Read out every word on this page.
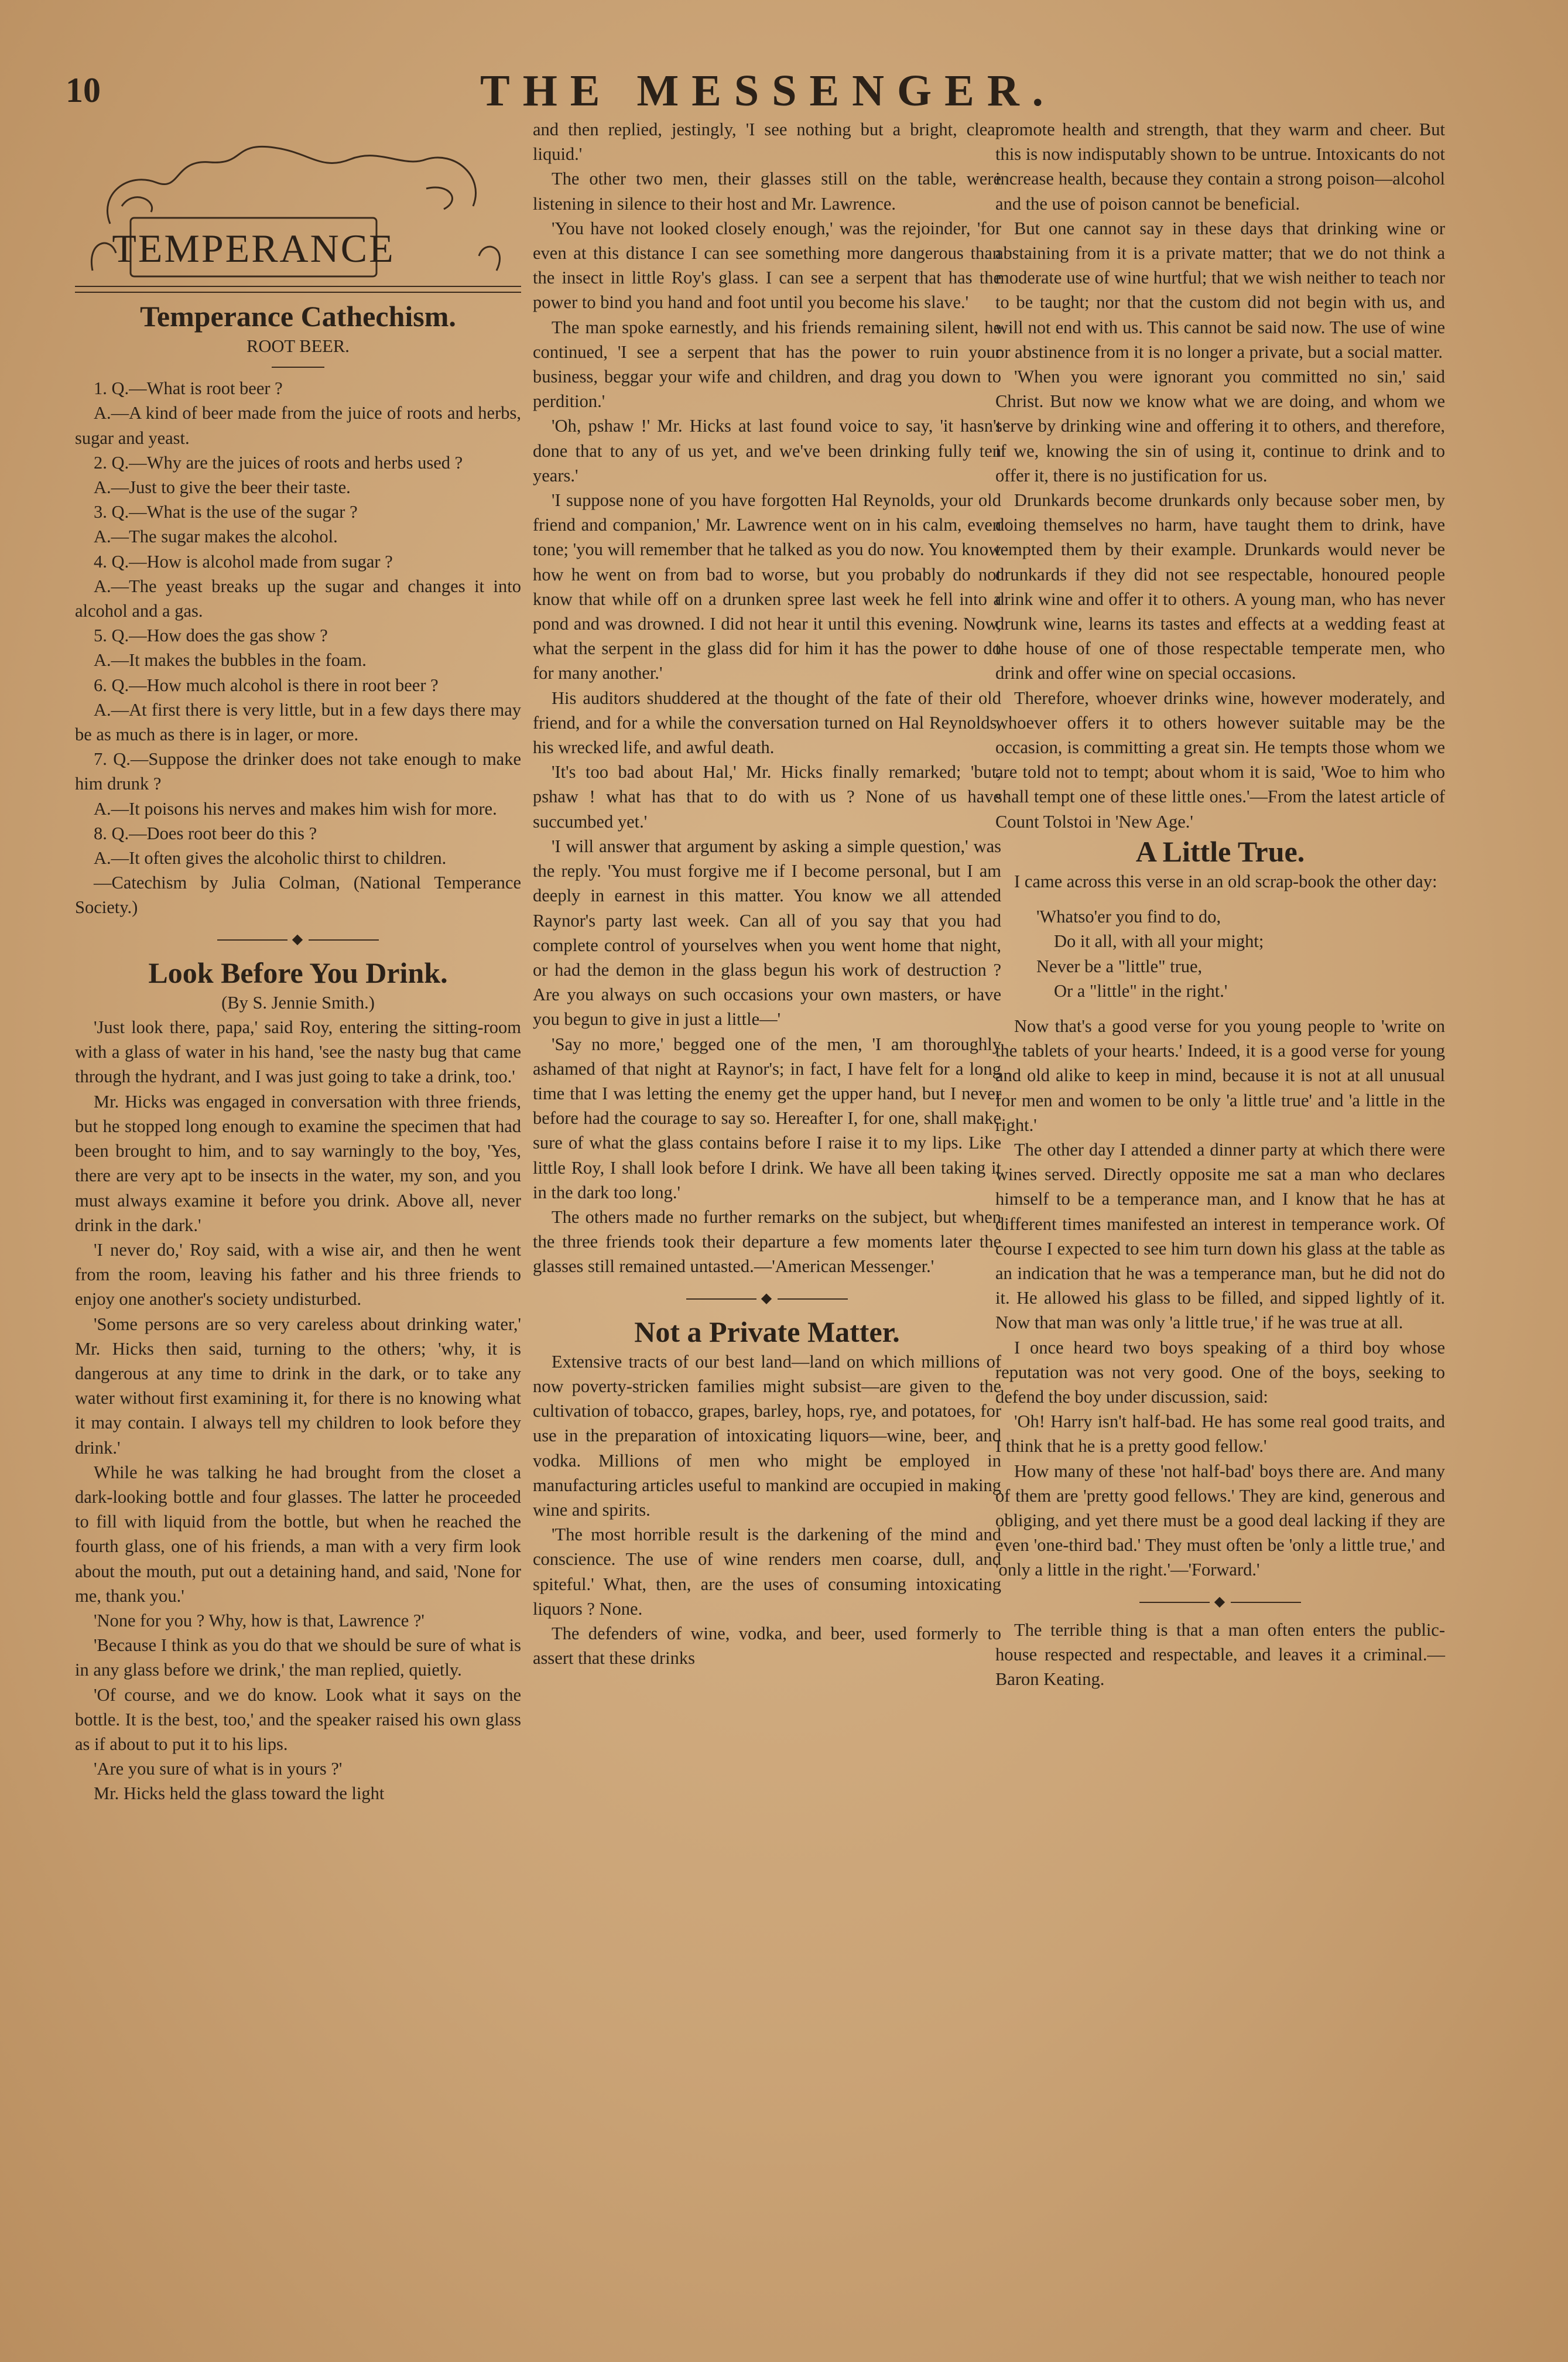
10	THE MESSENGER.
TEMPERANCE

Temperance Cathechism.

ROOT BEER.

1. Q.—What is root beer ?

A.—A kind of beer made from the juice of roots and herbs, sugar and yeast.

2. Q.—Why are the juices of roots and herbs used ?

A.—Just to give the beer their taste.

3. Q.—What is the use of the sugar ?

A.—The sugar makes the alcohol.

4. Q.—How is alcohol made from sugar ?

A.—The yeast breaks up the sugar and changes it into alcohol and a gas.

5. Q.—How does the gas show ?

A.—It makes the bubbles in the foam.

6. Q.—How much alcohol is there in root beer ?

A.—At first there is very little, but in a few days there may be as much as there is in lager, or more.

7. Q.—Suppose the drinker does not take enough to make him drunk ?

A.—It poisons his nerves and makes him wish for more.

8. Q.—Does root beer do this ?

A.—It often gives the alcoholic thirst to children.

—Catechism by Julia Colman, (National Temperance Society.)

◆

Look Before You Drink.

(By S. Jennie Smith.)

'Just look there, papa,' said Roy, entering the sitting-room with a glass of water in his hand, 'see the nasty bug that came through the hydrant, and I was just going to take a drink, too.'

Mr. Hicks was engaged in conversation with three friends, but he stopped long enough to examine the specimen that had been brought to him, and to say warningly to the boy, 'Yes, there are very apt to be insects in the water, my son, and you must always examine it before you drink. Above all, never drink in the dark.'

'I never do,' Roy said, with a wise air, and then he went from the room, leaving his father and his three friends to enjoy one another's society undisturbed.

'Some persons are so very careless about drinking water,' Mr. Hicks then said, turning to the others; 'why, it is dangerous at any time to drink in the dark, or to take any water without first examining it, for there is no knowing what it may contain. I always tell my children to look before they drink.'

While he was talking he had brought from the closet a dark-looking bottle and four glasses. The latter he proceeded to fill with liquid from the bottle, but when he reached the fourth glass, one of his friends, a man with a very firm look about the mouth, put out a detaining hand, and said, 'None for me, thank you.'

'None for you ? Why, how is that, Lawrence ?'

'Because I think as you do that we should be sure of what is in any glass before we drink,' the man replied, quietly.

'Of course, and we do know. Look what it says on the bottle. It is the best, too,' and the speaker raised his own glass as if about to put it to his lips.

'Are you sure of what is in yours ?'

Mr. Hicks held the glass toward the light

and then replied, jestingly, 'I see nothing but a bright, clear liquid.'

The other two men, their glasses still on the table, were listening in silence to their host and Mr. Lawrence.

'You have not looked closely enough,' was the rejoinder, 'for even at this distance I can see something more dangerous than the insect in little Roy's glass. I can see a serpent that has the power to bind you hand and foot until you become his slave.'

The man spoke earnestly, and his friends remaining silent, he continued, 'I see a serpent that has the power to ruin your business, beggar your wife and children, and drag you down to perdition.'

'Oh, pshaw !' Mr. Hicks at last found voice to say, 'it hasn't done that to any of us yet, and we've been drinking fully ten years.'

'I suppose none of you have forgotten Hal Reynolds, your old friend and companion,' Mr. Lawrence went on in his calm, even tone; 'you will remember that he talked as you do now. You know how he went on from bad to worse, but you probably do not know that while off on a drunken spree last week he fell into a pond and was drowned. I did not hear it until this evening. Now, what the serpent in the glass did for him it has the power to do for many another.'

His auditors shuddered at the thought of the fate of their old friend, and for a while the conversation turned on Hal Reynolds, his wrecked life, and awful death.

'It's too bad about Hal,' Mr. Hicks finally remarked; 'but, pshaw ! what has that to do with us ? None of us have succumbed yet.'

'I will answer that argument by asking a simple question,' was the reply. 'You must forgive me if I become personal, but I am deeply in earnest in this matter. You know we all attended Raynor's party last week. Can all of you say that you had complete control of yourselves when you went home that night, or had the demon in the glass begun his work of destruction ? Are you always on such occasions your own masters, or have you begun to give in just a little—'

'Say no more,' begged one of the men, 'I am thoroughly ashamed of that night at Raynor's; in fact, I have felt for a long time that I was letting the enemy get the upper hand, but I never before had the courage to say so. Hereafter I, for one, shall make sure of what the glass contains before I raise it to my lips. Like little Roy, I shall look before I drink. We have all been taking it in the dark too long.'

The others made no further remarks on the subject, but when the three friends took their departure a few moments later the glasses still remained untasted.—'American Messenger.'

◆

Not a Private Matter.

Extensive tracts of our best land—land on which millions of now poverty-stricken families might subsist—are given to the cultivation of tobacco, grapes, barley, hops, rye, and potatoes, for use in the preparation of intoxicating liquors—wine, beer, and vodka. Millions of men who might be employed in manufacturing articles useful to mankind are occupied in making wine and spirits.

'The most horrible result is the darkening of the mind and conscience. The use of wine renders men coarse, dull, and spiteful.' What, then, are the uses of consuming intoxicating liquors ? None.

The defenders of wine, vodka, and beer, used formerly to assert that these drinks

promote health and strength, that they warm and cheer. But this is now indisputably shown to be untrue. Intoxicants do not increase health, because they contain a strong poison—alcohol and the use of poison cannot be beneficial.

But one cannot say in these days that drinking wine or abstaining from it is a private matter; that we do not think a moderate use of wine hurtful; that we wish neither to teach nor to be taught; nor that the custom did not begin with us, and will not end with us. This cannot be said now. The use of wine or abstinence from it is no longer a private, but a social matter.

'When you were ignorant you committed no sin,' said Christ. But now we know what we are doing, and whom we serve by drinking wine and offering it to others, and therefore, if we, knowing the sin of using it, continue to drink and to offer it, there is no justification for us.

Drunkards become drunkards only because sober men, by doing themselves no harm, have taught them to drink, have tempted them by their example. Drunkards would never be drunkards if they did not see respectable, honoured people drink wine and offer it to others. A young man, who has never drunk wine, learns its tastes and effects at a wedding feast at the house of one of those respectable temperate men, who drink and offer wine on special occasions.

Therefore, whoever drinks wine, however moderately, and whoever offers it to others however suitable may be the occasion, is committing a great sin. He tempts those whom we are told not to tempt; about whom it is said, 'Woe to him who shall tempt one of these little ones.'—From the latest article of Count Tolstoi in 'New Age.'

A Little True.

I came across this verse in an old scrap-book the other day:

'Whatso'er you find to do,

Do it all, with all your might;

Never be a "little" true,

Or a "little" in the right.'

Now that's a good verse for you young people to 'write on the tablets of your hearts.' Indeed, it is a good verse for young and old alike to keep in mind, because it is not at all unusual for men and women to be only 'a little true' and 'a little in the right.'

The other day I attended a dinner party at which there were wines served. Directly opposite me sat a man who declares himself to be a temperance man, and I know that he has at different times manifested an interest in temperance work. Of course I expected to see him turn down his glass at the table as an indication that he was a temperance man, but he did not do it. He allowed his glass to be filled, and sipped lightly of it. Now that man was only 'a little true,' if he was true at all.

I once heard two boys speaking of a third boy whose reputation was not very good. One of the boys, seeking to defend the boy under discussion, said:

'Oh! Harry isn't half-bad. He has some real good traits, and I think that he is a pretty good fellow.'

How many of these 'not half-bad' boys there are. And many of them are 'pretty good fellows.' They are kind, generous and obliging, and yet there must be a good deal lacking if they are even 'one-third bad.' They must often be 'only a little true,' and 'only a little in the right.'—'Forward.'

◆

The terrible thing is that a man often enters the public-house respected and respectable, and leaves it a criminal.—Baron Keating.
